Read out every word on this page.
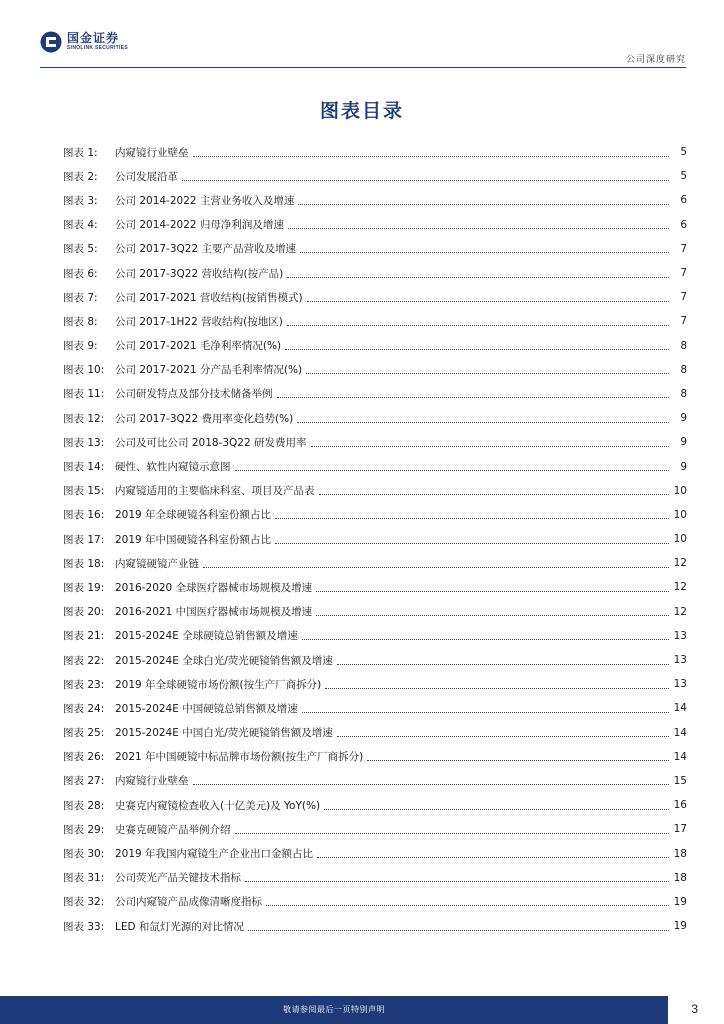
国金证券
SINOLINK SECURITIES
公司深度研究
图表目录
图表 1:	内窥镜行业壁垒	5
图表 2:	公司发展沿革	5
图表 3:	公司 2014-2022 主营业务收入及增速	6
图表 4:	公司 2014-2022 归母净利润及增速	6
图表 5:	公司 2017-3Q22 主要产品营收及增速	7
图表 6:	公司 2017-3Q22 营收结构(按产品)	7
图表 7:	公司 2017-2021 营收结构(按销售模式)	7
图表 8:	公司 2017-1H22 营收结构(按地区)	7
图表 9:	公司 2017-2021 毛净利率情况(%)	8
图表 10:	公司 2017-2021 分产品毛利率情况(%)	8
图表 11:	公司研发特点及部分技术储备举例	8
图表 12:	公司 2017-3Q22 费用率变化趋势(%)	9
图表 13:	公司及可比公司 2018-3Q22 研发费用率	9
图表 14:	硬性、软性内窥镜示意图	9
图表 15:	内窥镜适用的主要临床科室、项目及产品表	10
图表 16:	2019 年全球硬镜各科室份额占比	10
图表 17:	2019 年中国硬镜各科室份额占比	10
图表 18:	内窥镜硬镜产业链	12
图表 19:	2016-2020 全球医疗器械市场规模及增速	12
图表 20:	2016-2021 中国医疗器械市场规模及增速	12
图表 21:	2015-2024E 全球硬镜总销售额及增速	13
图表 22:	2015-2024E 全球白光/荧光硬镜销售额及增速	13
图表 23:	2019 年全球硬镜市场份额(按生产厂商拆分)	13
图表 24:	2015-2024E 中国硬镜总销售额及增速	14
图表 25:	2015-2024E 中国白光/荧光硬镜销售额及增速	14
图表 26:	2021 年中国硬镜中标品牌市场份额(按生产厂商拆分)	14
图表 27:	内窥镜行业壁垒	15
图表 28:	史赛克内窥镜检查收入(十亿美元)及 YoY(%)	16
图表 29:	史赛克硬镜产品举例介绍	17
图表 30:	2019 年我国内窥镜生产企业出口金额占比	18
图表 31:	公司荧光产品关键技术指标	18
图表 32:	公司内窥镜产品成像清晰度指标	19
图表 33:	LED 和氙灯光源的对比情况	19
敬请参阅最后一页特别声明	3
